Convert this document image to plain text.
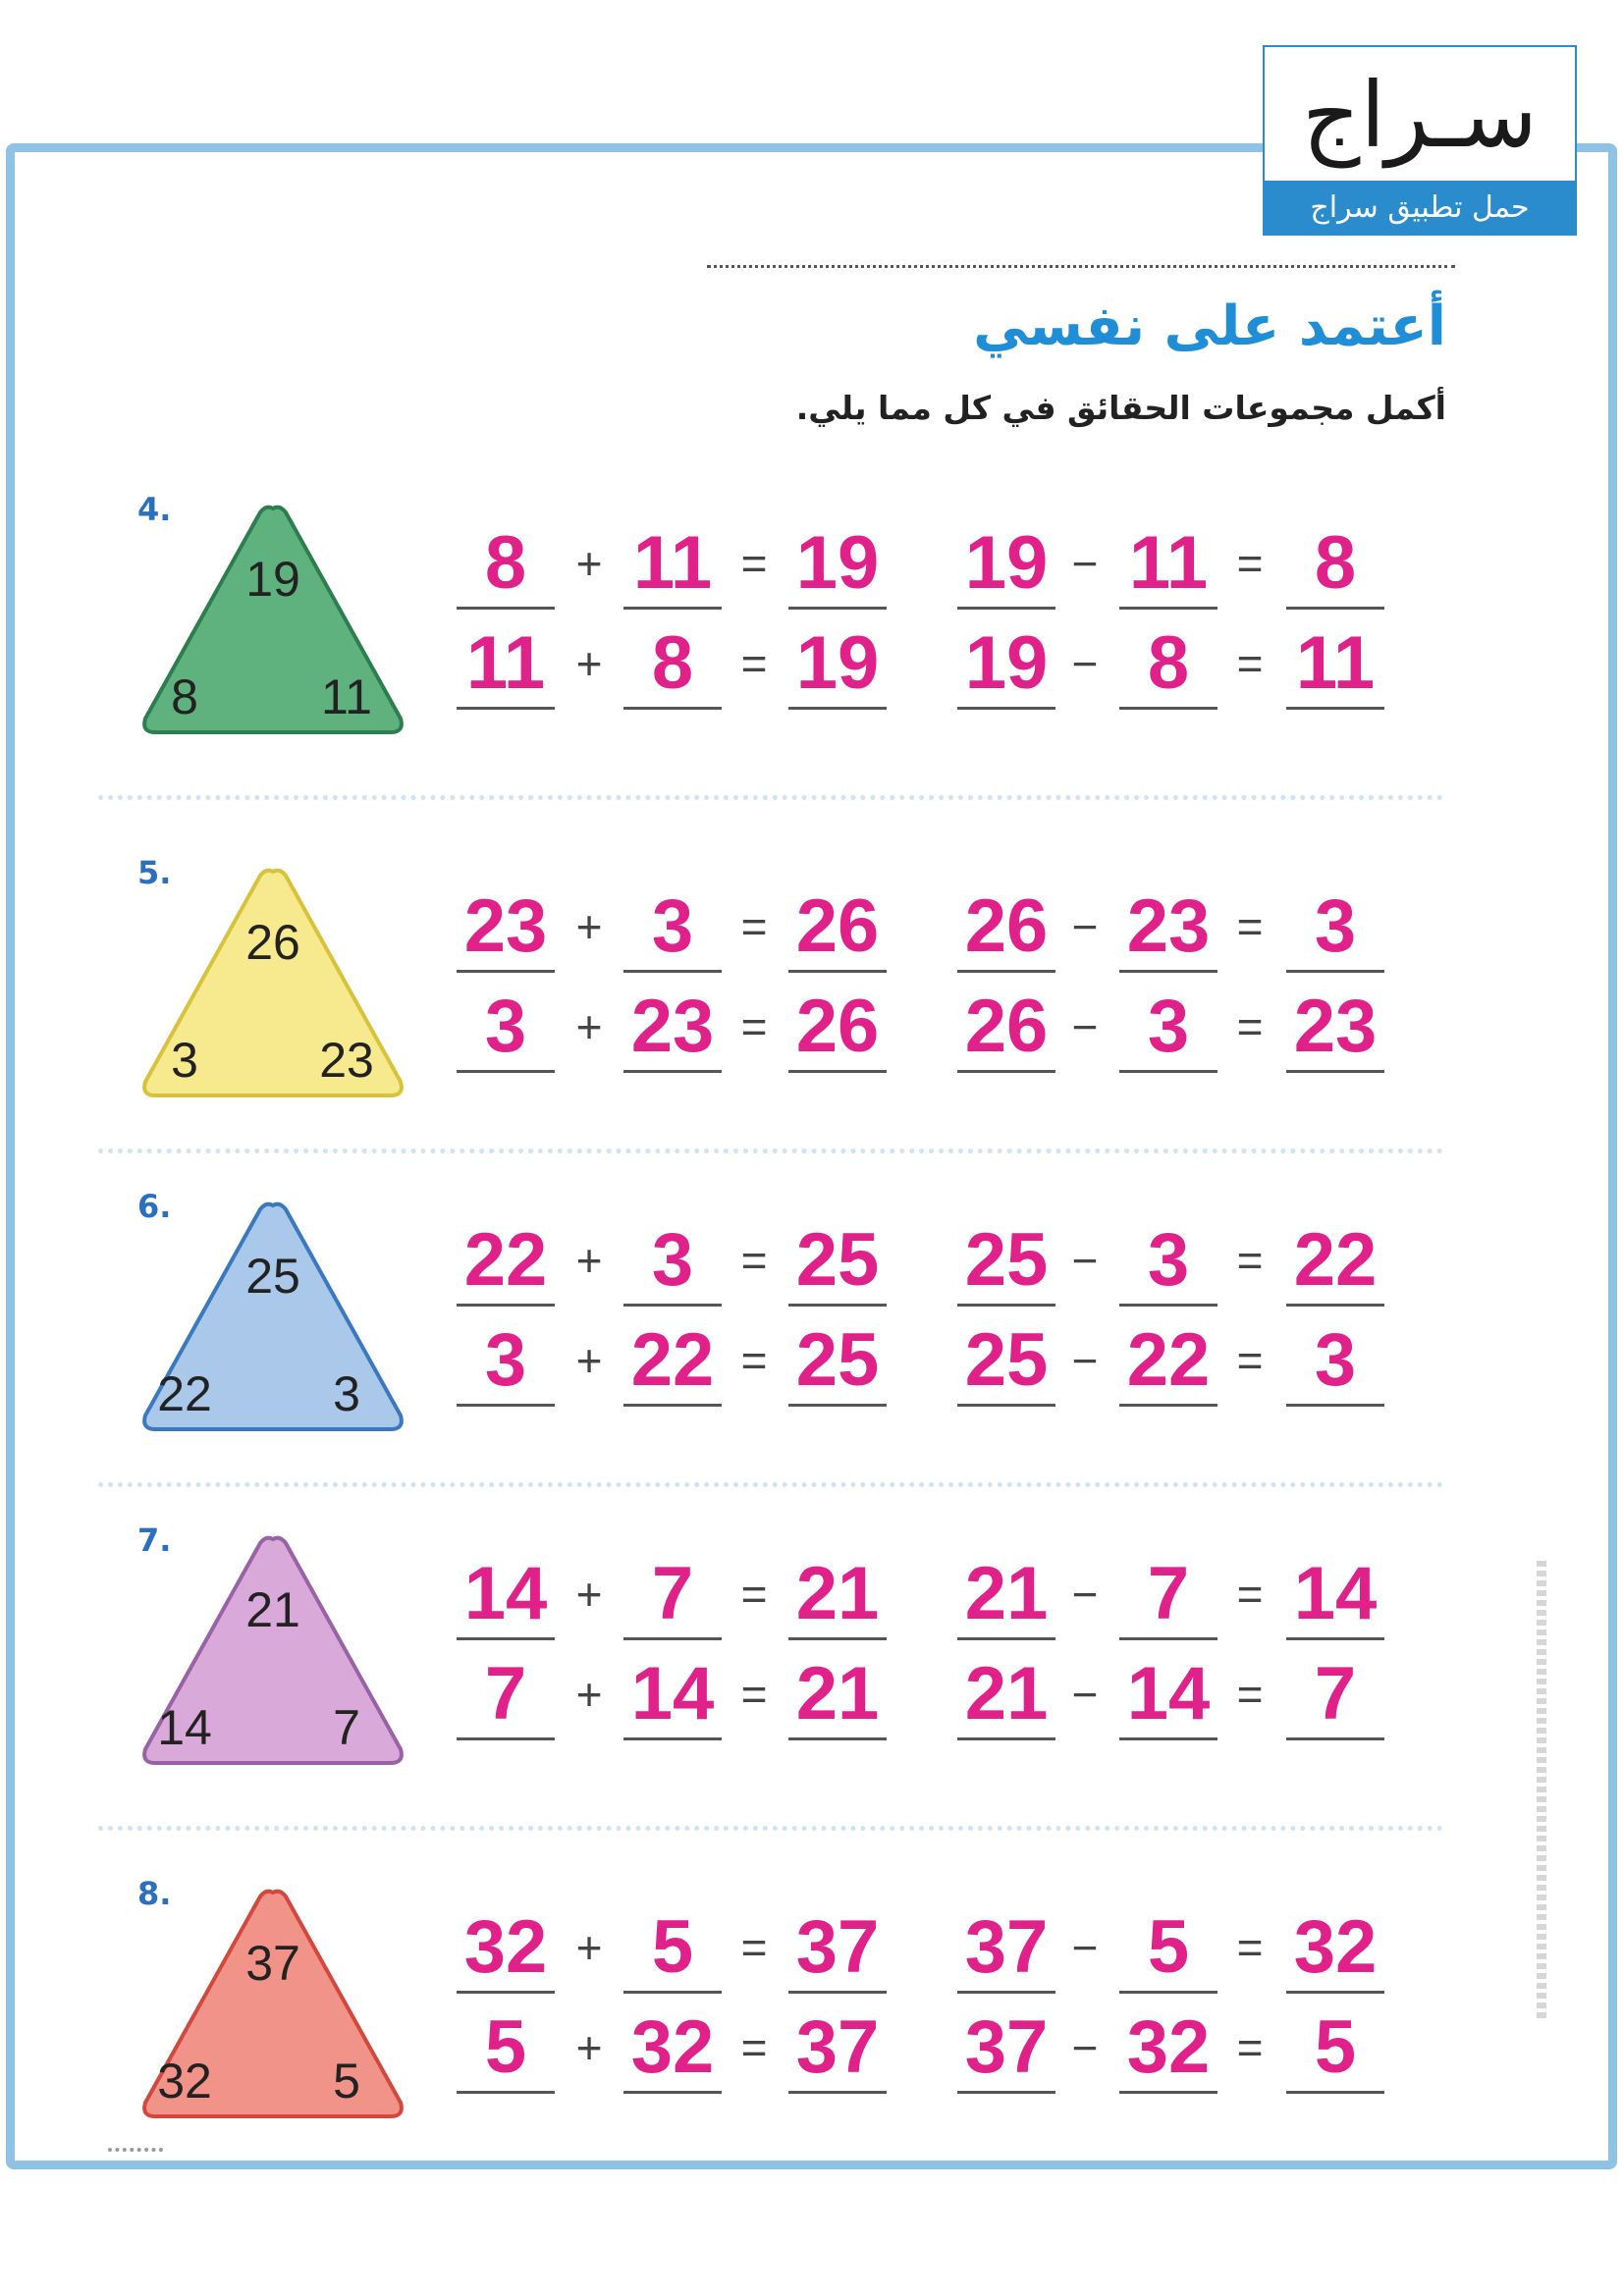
سـراج
حمل تطبيق سراج
أعتمد على نفسي
أكمل مجموعات الحقائق في كل مما يلي.
4.
19
8	11
8	+ 11 = 19
11 + 8	= 19
19 − 11 = 8
19 − 8	= 11
5.
26
3 23
23 + 3	= 26
3	+ 23 = 26
26 − 23 = 3
26 − 3	= 23
6.
25
22 3
22 + 3	= 25
3	+ 22 = 25
25 − 3	= 22
25 − 22 = 3
7.
21
14 7
14 + 7	= 21
7	+ 14 = 21
21 − 7	= 14
21 − 14 = 7
8.
37
32 5
32 + 5	= 37
5	+ 32 = 37
37 − 5	= 32
37 − 32 = 5
